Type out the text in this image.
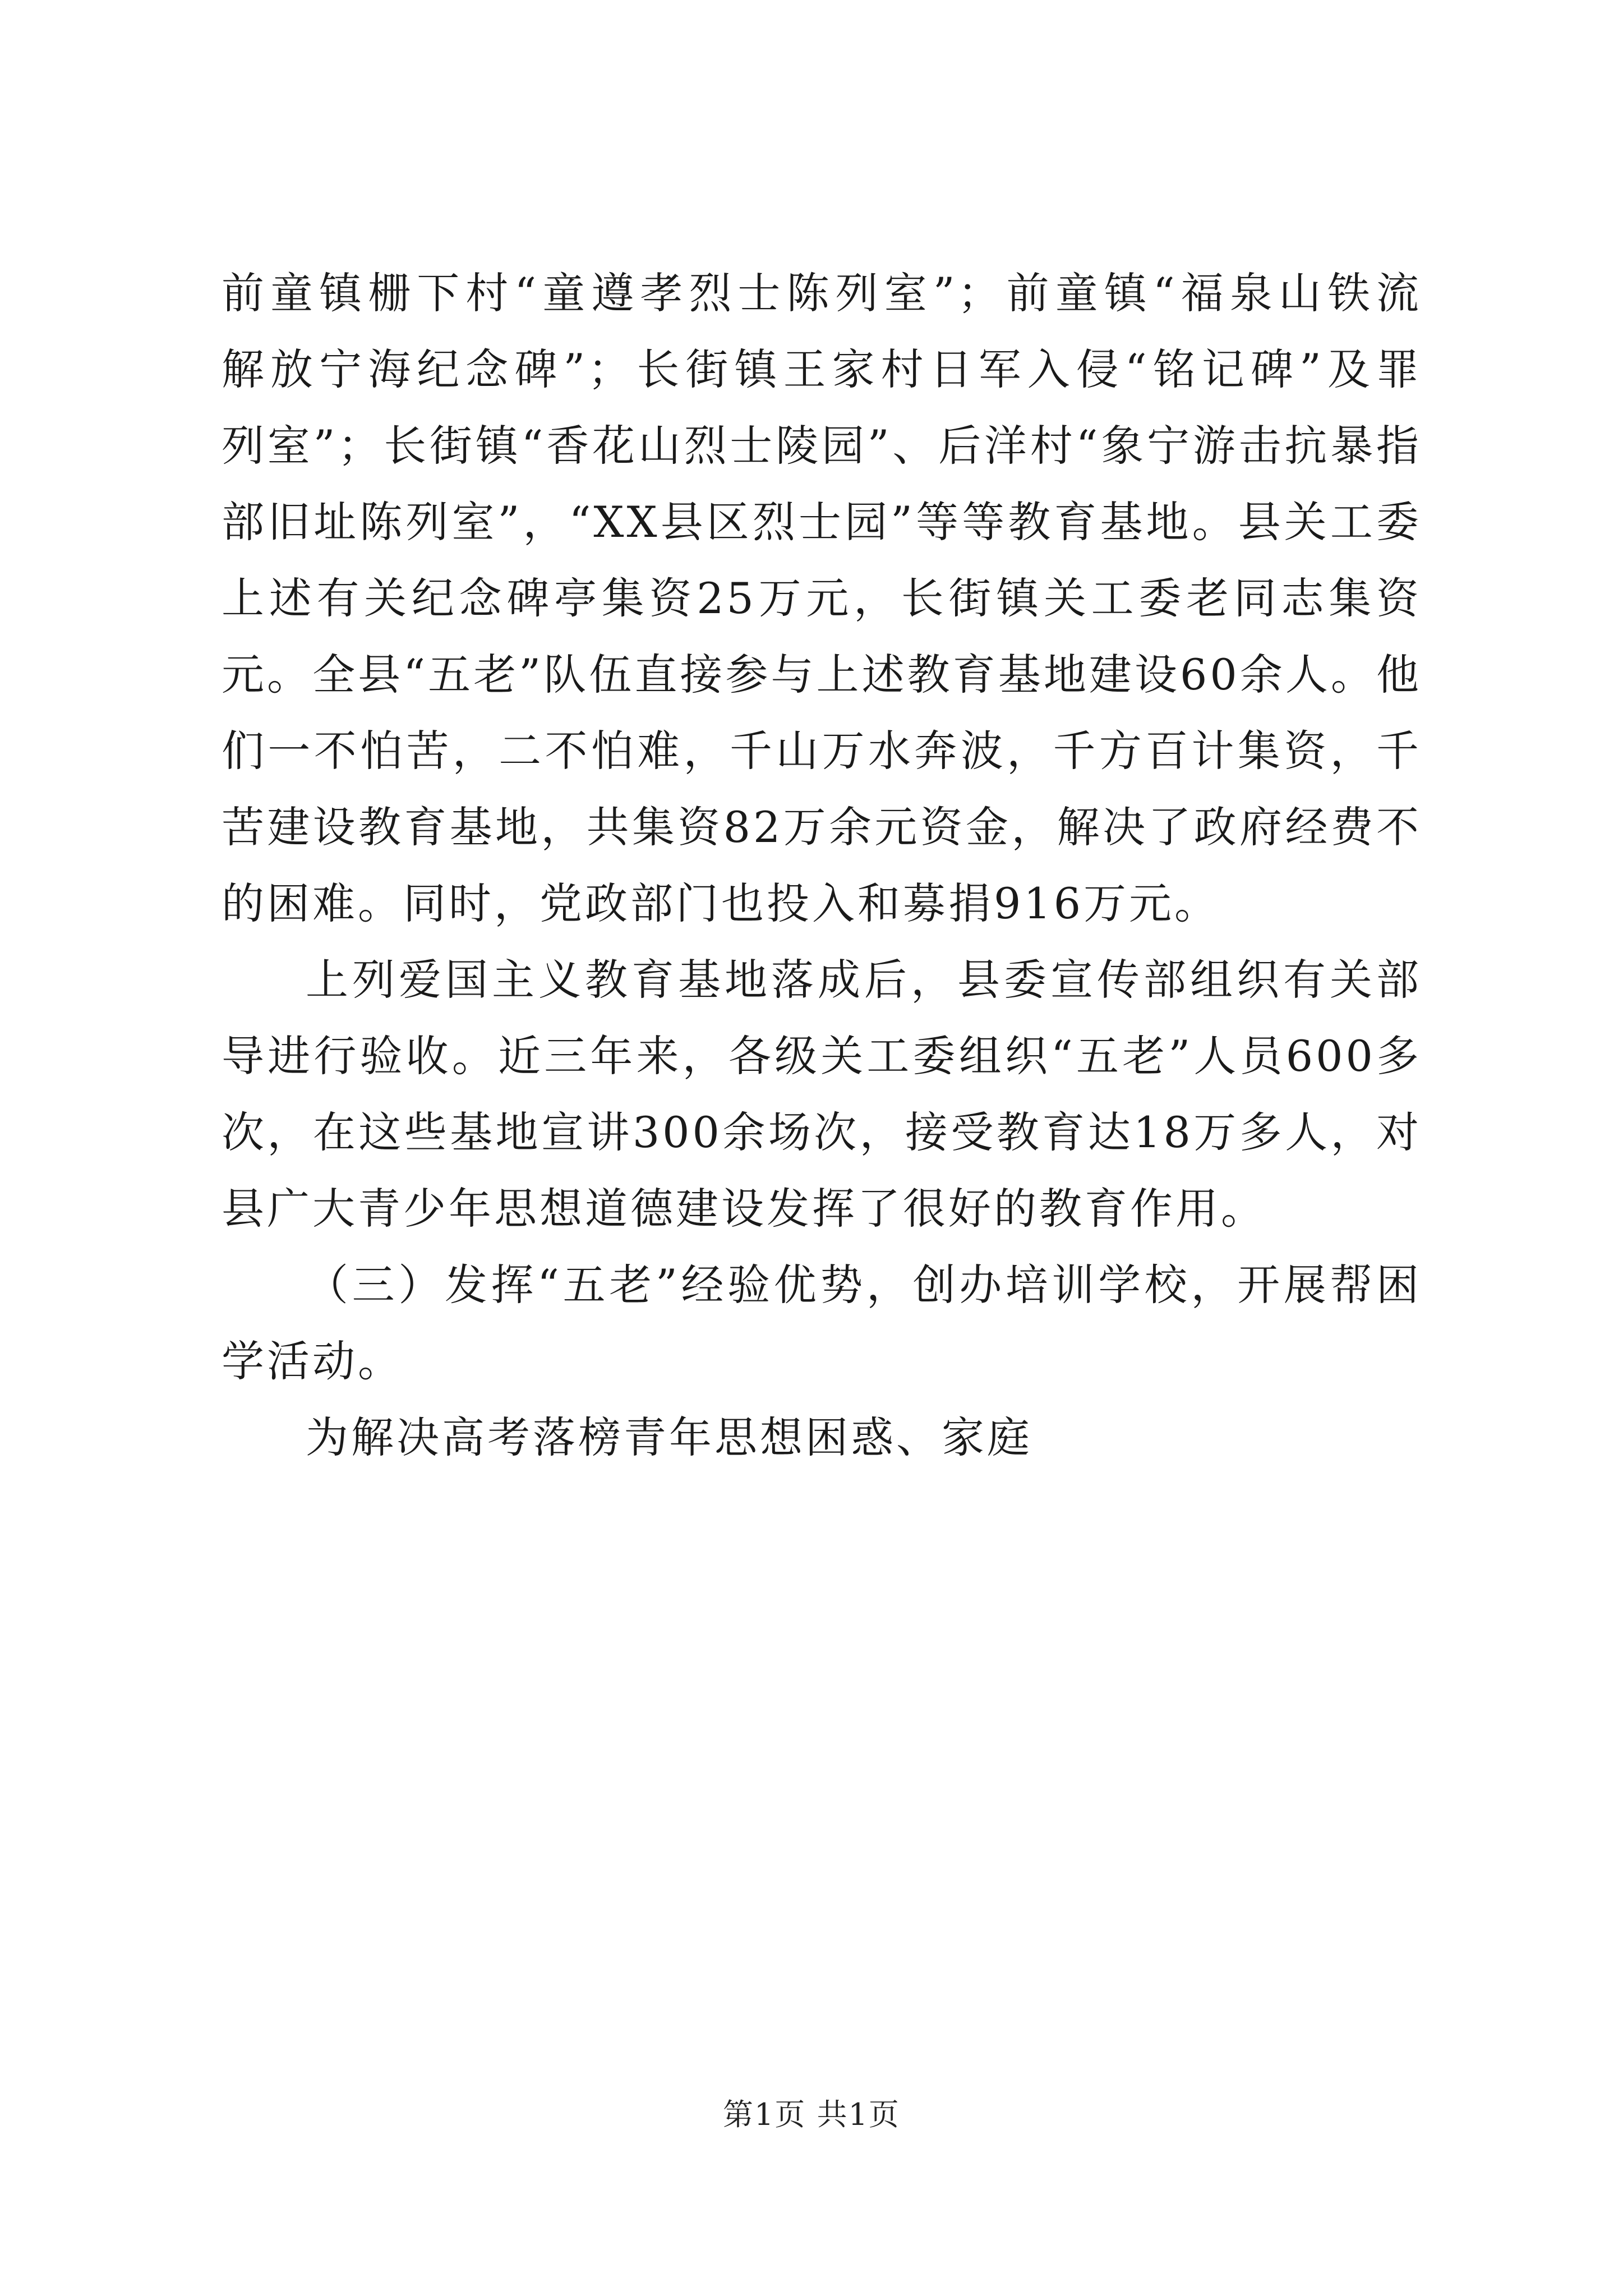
前童镇栅下村“童遵孝烈士陈列室”；前童镇“福泉山铁流
解放宁海纪念碑”；长街镇王家村日军入侵“铭记碑”及罪
列室”；长街镇“香花山烈士陵园”、后洋村“象宁游击抗暴指
部旧址陈列室”，“XX县区烈士园”等等教育基地。县关工委
上述有关纪念碑亭集资25万元，长街镇关工委老同志集资
元。全县“五老”队伍直接参与上述教育基地建设60余人。他
们一不怕苦，二不怕难，千山万水奔波，千方百计集资，千
苦建设教育基地，共集资82万余元资金，解决了政府经费不
的困难。同时，党政部门也投入和募捐916万元。
上列爱国主义教育基地落成后，县委宣传部组织有关部
导进行验收。近三年来，各级关工委组织“五老”人员600多
次，在这些基地宣讲300余场次，接受教育达18万多人，对
县广大青少年思想道德建设发挥了很好的教育作用。
（三）发挥“五老”经验优势，创办培训学校，开展帮困
学活动。
为解决高考落榜青年思想困惑、家庭
第1页 共1页
